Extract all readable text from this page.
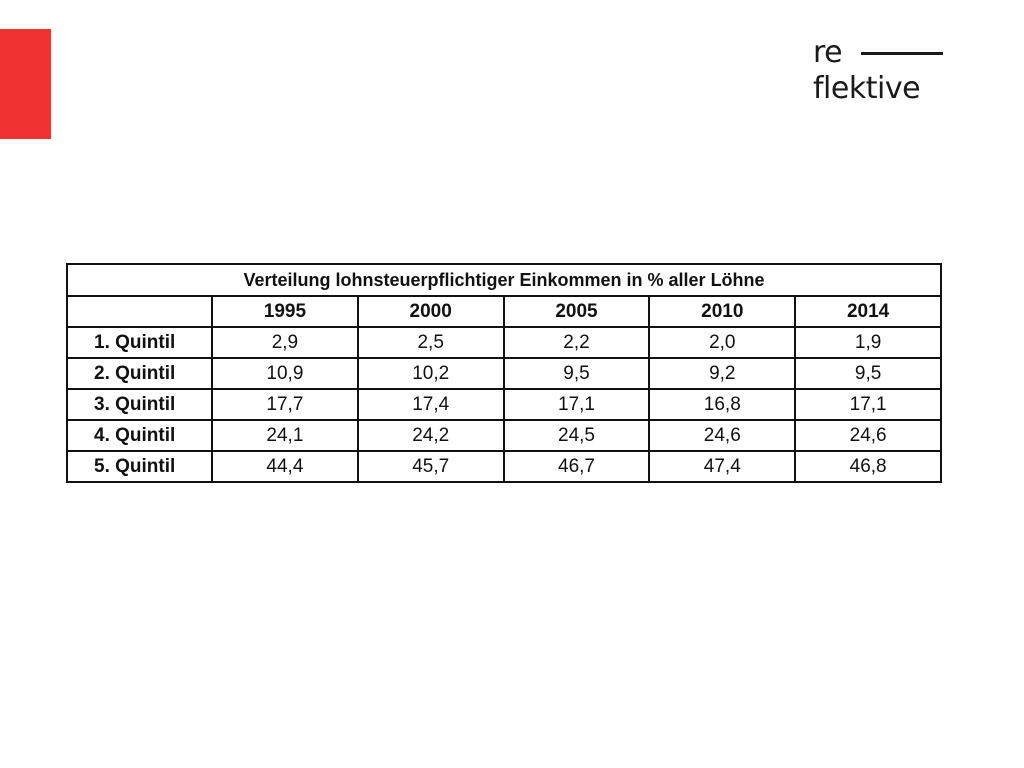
re
flektive
Verteilung lohnsteuerpflichtiger Einkommen in % aller Löhne					
	1995	2000	2005	2010	2014
1. Quintil	2,9	2,5	2,2	2,0	1,9
2. Quintil	10,9	10,2	9,5	9,2	9,5
3. Quintil	17,7	17,4	17,1	16,8	17,1
4. Quintil	24,1	24,2	24,5	24,6	24,6
5. Quintil	44,4	45,7	46,7	47,4	46,8
